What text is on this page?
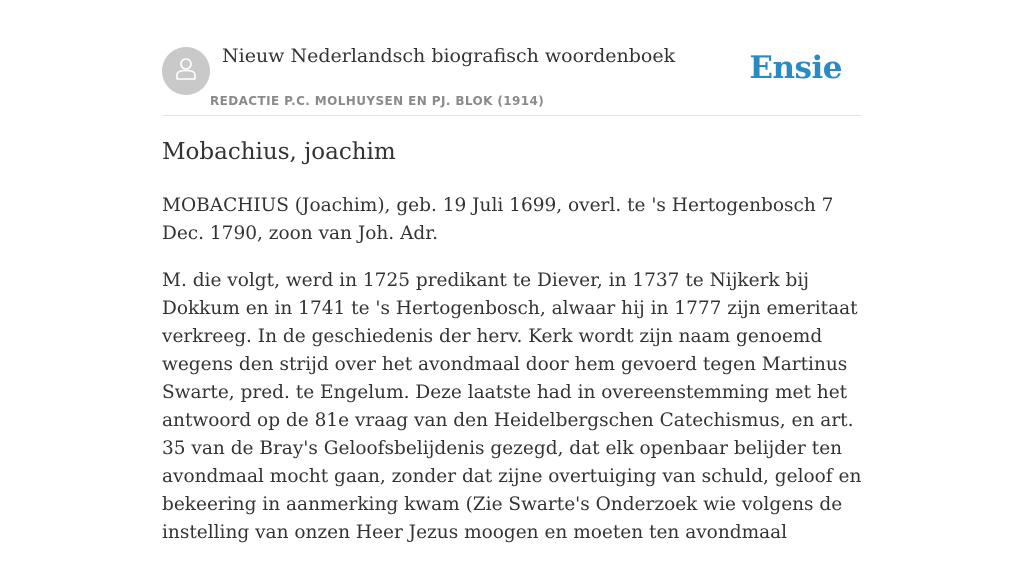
Nieuw Nederlandsch biografisch woordenboek
REDACTIE P.C. MOLHUYSEN EN PJ. BLOK (1914)
Ensie
Mobachius, joachim

MOBACHIUS (Joachim), geb. 19 Juli 1699, overl. te 's Hertogenbosch 7 Dec. 1790, zoon van Joh. Adr.

M. die volgt, werd in 1725 predikant te Diever, in 1737 te Nijkerk bij Dokkum en in 1741 te 's Hertogenbosch, alwaar hij in 1777 zijn emeritaat verkreeg. In de geschiedenis der herv. Kerk wordt zijn naam genoemd wegens den strijd over het avondmaal door hem gevoerd tegen Martinus Swarte, pred. te Engelum. Deze laatste had in overeenstemming met het antwoord op de 81e vraag van den Heidelbergschen Catechismus, en art. 35 van de Bray's Geloofsbelijdenis gezegd, dat elk openbaar belijder ten avondmaal mocht gaan, zonder dat zijne overtuiging van schuld, geloof en bekeering in aanmerking kwam (Zie Swarte's Onderzoek wie volgens de instelling van onzen Heer Jezus moogen en moeten ten avondmaal
